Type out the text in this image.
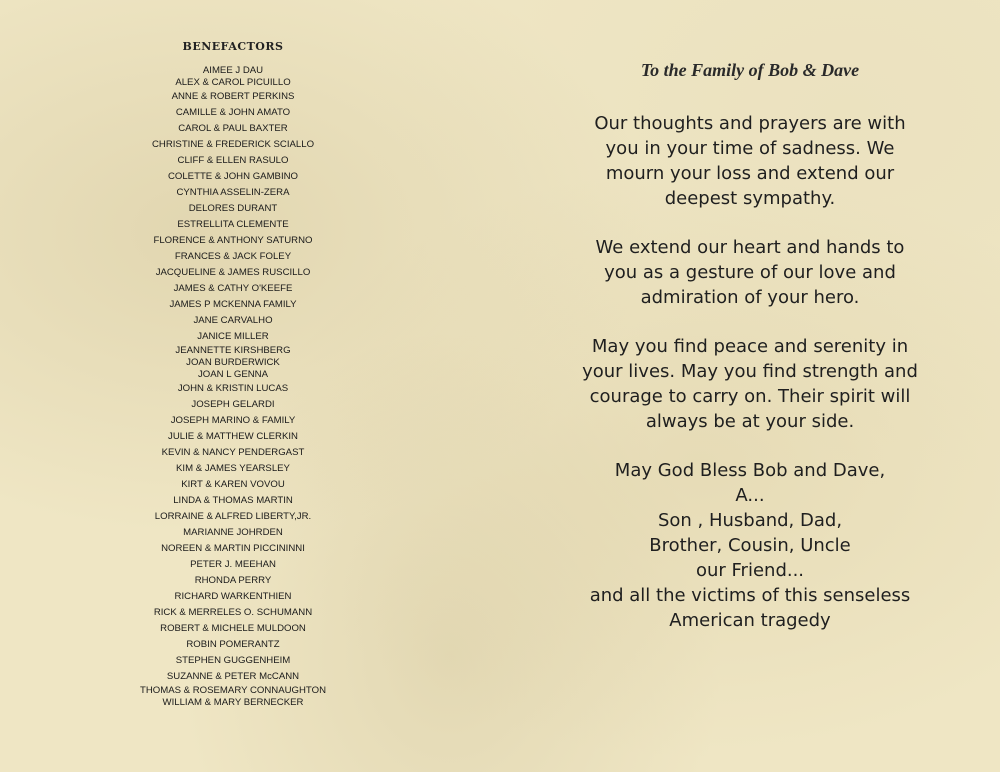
BENEFACTORS
AIMEE J DAU
ALEX & CAROL PICUILLO
ANNE & ROBERT PERKINS
CAMILLE & JOHN AMATO
CAROL & PAUL BAXTER
CHRISTINE & FREDERICK SCIALLO
CLIFF & ELLEN RASULO
COLETTE & JOHN GAMBINO
CYNTHIA ASSELIN-ZERA
DELORES DURANT
ESTRELLITA CLEMENTE
FLORENCE & ANTHONY SATURNO
FRANCES & JACK FOLEY
JACQUELINE & JAMES RUSCILLO
JAMES & CATHY O'KEEFE
JAMES P MCKENNA FAMILY
JANE CARVALHO
JANICE MILLER
JEANNETTE KIRSHBERG
JOAN BURDERWICK
JOAN L GENNA
JOHN & KRISTIN LUCAS
JOSEPH GELARDI
JOSEPH MARINO & FAMILY
JULIE & MATTHEW CLERKIN
KEVIN & NANCY PENDERGAST
KIM & JAMES YEARSLEY
KIRT & KAREN VOVOU
LINDA & THOMAS MARTIN
LORRAINE & ALFRED LIBERTY,JR.
MARIANNE JOHRDEN
NOREEN & MARTIN PICCININNI
PETER J. MEEHAN
RHONDA PERRY
RICHARD WARKENTHIEN
RICK & MERRELES O. SCHUMANN
ROBERT & MICHELE MULDOON
ROBIN POMERANTZ
STEPHEN GUGGENHEIM
SUZANNE & PETER McCANN
THOMAS & ROSEMARY CONNAUGHTON
WILLIAM & MARY BERNECKER
To the Family of Bob & Dave

Our thoughts and prayers are with
you in your time of sadness. We
mourn your loss and extend our
deepest sympathy.

We extend our heart and hands to
you as a gesture of our love and
admiration of your hero.

May you find peace and serenity in
your lives. May you find strength and
courage to carry on. Their spirit will
always be at your side.

May God Bless Bob and Dave,
A...
Son , Husband, Dad,
Brother, Cousin, Uncle
our Friend...
and all the victims of this senseless
American tragedy
